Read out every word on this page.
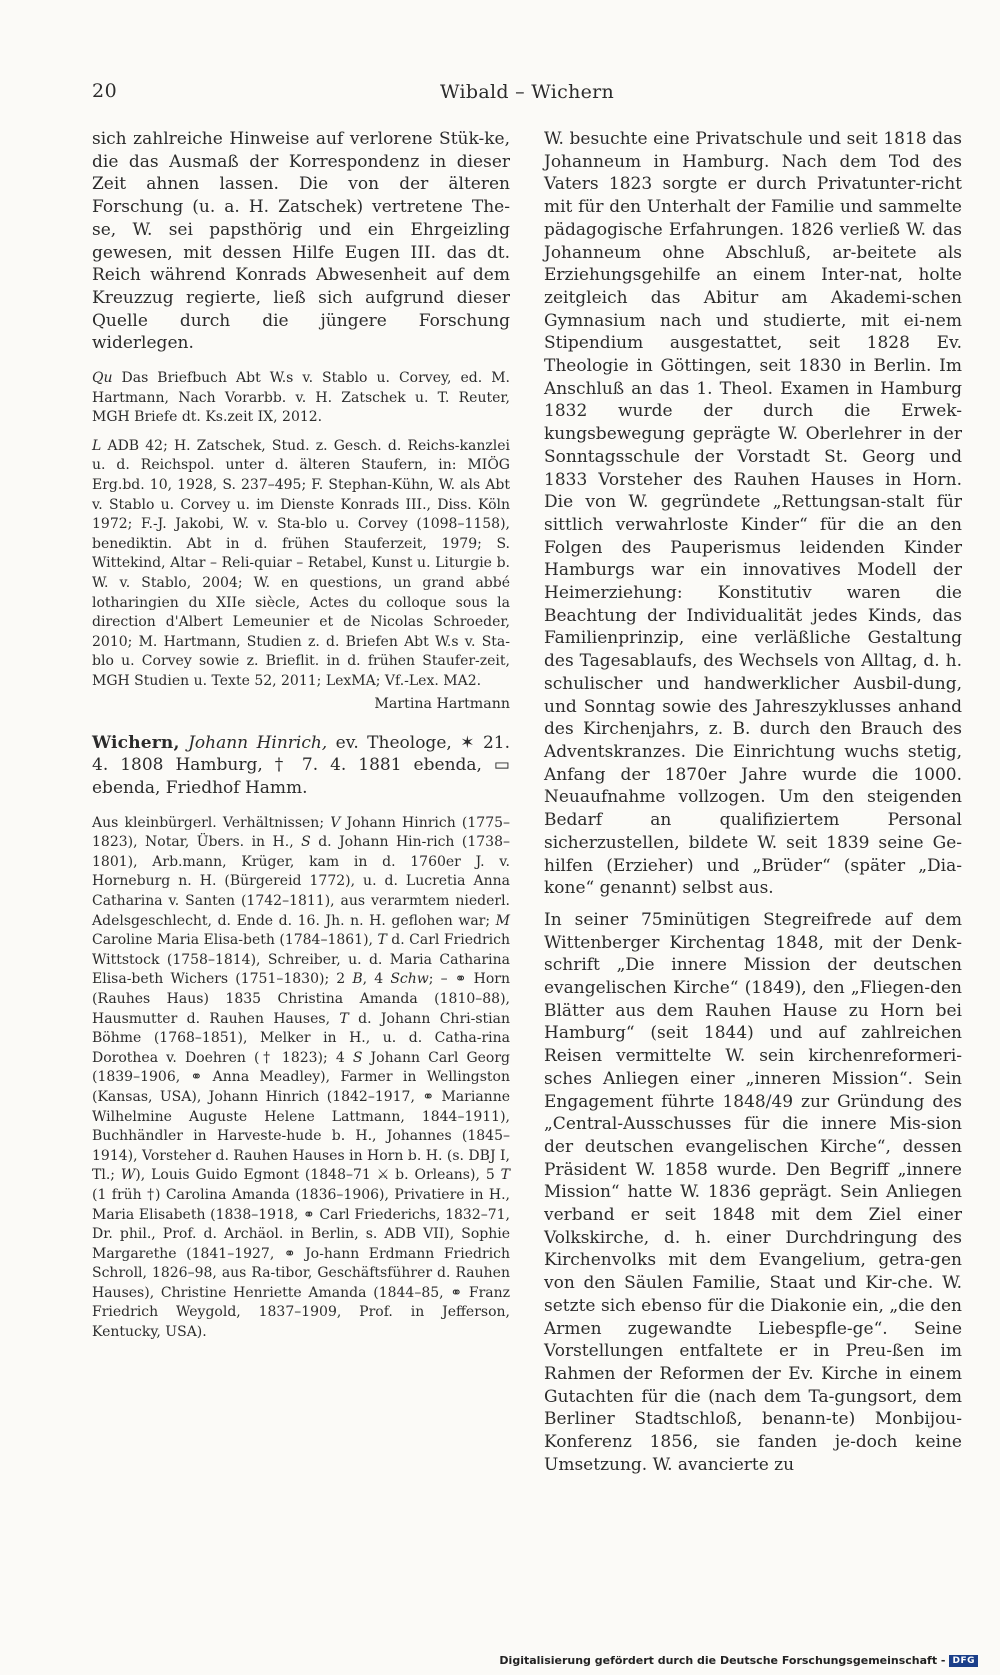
20	Wibald – Wichern

sich zahlreiche Hinweise auf verlorene Stük-ke, die das Ausmaß der Korrespondenz in dieser Zeit ahnen lassen. Die von der älteren Forschung (u. a. H. Zatschek) vertretene The-se, W. sei papsthörig und ein Ehrgeizling gewesen, mit dessen Hilfe Eugen III. das dt. Reich während Konrads Abwesenheit auf dem Kreuzzug regierte, ließ sich aufgrund dieser Quelle durch die jüngere Forschung widerlegen.

Qu Das Briefbuch Abt W.s v. Stablo u. Corvey, ed. M. Hartmann, Nach Vorarbb. v. H. Zatschek u. T. Reuter, MGH Briefe dt. Ks.zeit IX, 2012.

L ADB 42; H. Zatschek, Stud. z. Gesch. d. Reichs-kanzlei u. d. Reichspol. unter d. älteren Staufern, in: MIÖG Erg.bd. 10, 1928, S. 237–495; F. Stephan-Kühn, W. als Abt v. Stablo u. Corvey u. im Dienste Konrads III., Diss. Köln 1972; F.-J. Jakobi, W. v. Sta-blo u. Corvey (1098–1158), benediktin. Abt in d. frühen Stauferzeit, 1979; S. Wittekind, Altar – Reli-quiar – Retabel, Kunst u. Liturgie b. W. v. Stablo, 2004; W. en questions, un grand abbé lotharingien du XIIe siècle, Actes du colloque sous la direction d'Albert Lemeunier et de Nicolas Schroeder, 2010; M. Hartmann, Studien z. d. Briefen Abt W.s v. Sta-blo u. Corvey sowie z. Brieflit. in d. frühen Staufer-zeit, MGH Studien u. Texte 52, 2011; LexMA; Vf.-Lex. MA2.

Martina Hartmann

Wichern, Johann Hinrich, ev. Theologe, ✶ 21. 4. 1808 Hamburg, † 7. 4. 1881 ebenda, ▭ ebenda, Friedhof Hamm.

Aus kleinbürgerl. Verhältnissen; V Johann Hinrich (1775–1823), Notar, Übers. in H., S d. Johann Hin-rich (1738–1801), Arb.mann, Krüger, kam in d. 1760er J. v. Horneburg n. H. (Bürgereid 1772), u. d. Lucretia Anna Catharina v. Santen (1742–1811), aus verarmtem niederl. Adelsgeschlecht, d. Ende d. 16. Jh. n. H. geflohen war; M Caroline Maria Elisa-beth (1784–1861), T d. Carl Friedrich Wittstock (1758–1814), Schreiber, u. d. Maria Catharina Elisa-beth Wichers (1751–1830); 2 B, 4 Schw; – ⚭ Horn (Rauhes Haus) 1835 Christina Amanda (1810–88), Hausmutter d. Rauhen Hauses, T d. Johann Chri-stian Böhme (1768–1851), Melker in H., u. d. Catha-rina Dorothea v. Doehren († 1823); 4 S Johann Carl Georg (1839–1906, ⚭ Anna Meadley), Farmer in Wellingston (Kansas, USA), Johann Hinrich (1842–1917, ⚭ Marianne Wilhelmine Auguste Helene Lattmann, 1844–1911), Buchhändler in Harveste-hude b. H., Johannes (1845–1914), Vorsteher d. Rauhen Hauses in Horn b. H. (s. DBJ I, Tl.; W), Louis Guido Egmont (1848–71 ⚔ b. Orleans), 5 T (1 früh †) Carolina Amanda (1836–1906), Privatiere in H., Maria Elisabeth (1838–1918, ⚭ Carl Friederichs, 1832–71, Dr. phil., Prof. d. Archäol. in Berlin, s. ADB VII), Sophie Margarethe (1841–1927, ⚭ Jo-hann Erdmann Friedrich Schroll, 1826–98, aus Ra-tibor, Geschäftsführer d. Rauhen Hauses), Christine Henriette Amanda (1844–85, ⚭ Franz Friedrich Weygold, 1837–1909, Prof. in Jefferson, Kentucky, USA).

W. besuchte eine Privatschule und seit 1818 das Johanneum in Hamburg. Nach dem Tod des Vaters 1823 sorgte er durch Privatunter-richt mit für den Unterhalt der Familie und sammelte pädagogische Erfahrungen. 1826 verließ W. das Johanneum ohne Abschluß, ar-beitete als Erziehungsgehilfe an einem Inter-nat, holte zeitgleich das Abitur am Akademi-schen Gymnasium nach und studierte, mit ei-nem Stipendium ausgestattet, seit 1828 Ev. Theologie in Göttingen, seit 1830 in Berlin. Im Anschluß an das 1. Theol. Examen in Hamburg 1832 wurde der durch die Erwek-kungsbewegung geprägte W. Oberlehrer in der Sonntagsschule der Vorstadt St. Georg und 1833 Vorsteher des Rauhen Hauses in Horn. Die von W. gegründete „Rettungsan-stalt für sittlich verwahrloste Kinder“ für die an den Folgen des Pauperismus leidenden Kinder Hamburgs war ein innovatives Modell der Heimerziehung: Konstitutiv waren die Beachtung der Individualität jedes Kinds, das Familienprinzip, eine verläßliche Gestaltung des Tagesablaufs, des Wechsels von Alltag, d. h. schulischer und handwerklicher Ausbil-dung, und Sonntag sowie des Jahreszyklusses anhand des Kirchenjahrs, z. B. durch den Brauch des Adventskranzes. Die Einrichtung wuchs stetig, Anfang der 1870er Jahre wurde die 1000. Neuaufnahme vollzogen. Um den steigenden Bedarf an qualifiziertem Personal sicherzustellen, bildete W. seit 1839 seine Ge-hilfen (Erzieher) und „Brüder“ (später „Dia-kone“ genannt) selbst aus.

In seiner 75minütigen Stegreifrede auf dem Wittenberger Kirchentag 1848, mit der Denk-schrift „Die innere Mission der deutschen evangelischen Kirche“ (1849), den „Fliegen-den Blätter aus dem Rauhen Hause zu Horn bei Hamburg“ (seit 1844) und auf zahlreichen Reisen vermittelte W. sein kirchenreformeri-sches Anliegen einer „inneren Mission“. Sein Engagement führte 1848/49 zur Gründung des „Central-Ausschusses für die innere Mis-sion der deutschen evangelischen Kirche“, dessen Präsident W. 1858 wurde. Den Begriff „innere Mission“ hatte W. 1836 geprägt. Sein Anliegen verband er seit 1848 mit dem Ziel einer Volkskirche, d. h. einer Durchdringung des Kirchenvolks mit dem Evangelium, getra-gen von den Säulen Familie, Staat und Kir-che. W. setzte sich ebenso für die Diakonie ein, „die den Armen zugewandte Liebespfle-ge“. Seine Vorstellungen entfaltete er in Preu-ßen im Rahmen der Reformen der Ev. Kirche in einem Gutachten für die (nach dem Ta-gungsort, dem Berliner Stadtschloß, benann-te) Monbijou-Konferenz 1856, sie fanden je-doch keine Umsetzung. W. avancierte zu

Digitalisierung gefördert durch die Deutsche Forschungsgemeinschaft - DFG
